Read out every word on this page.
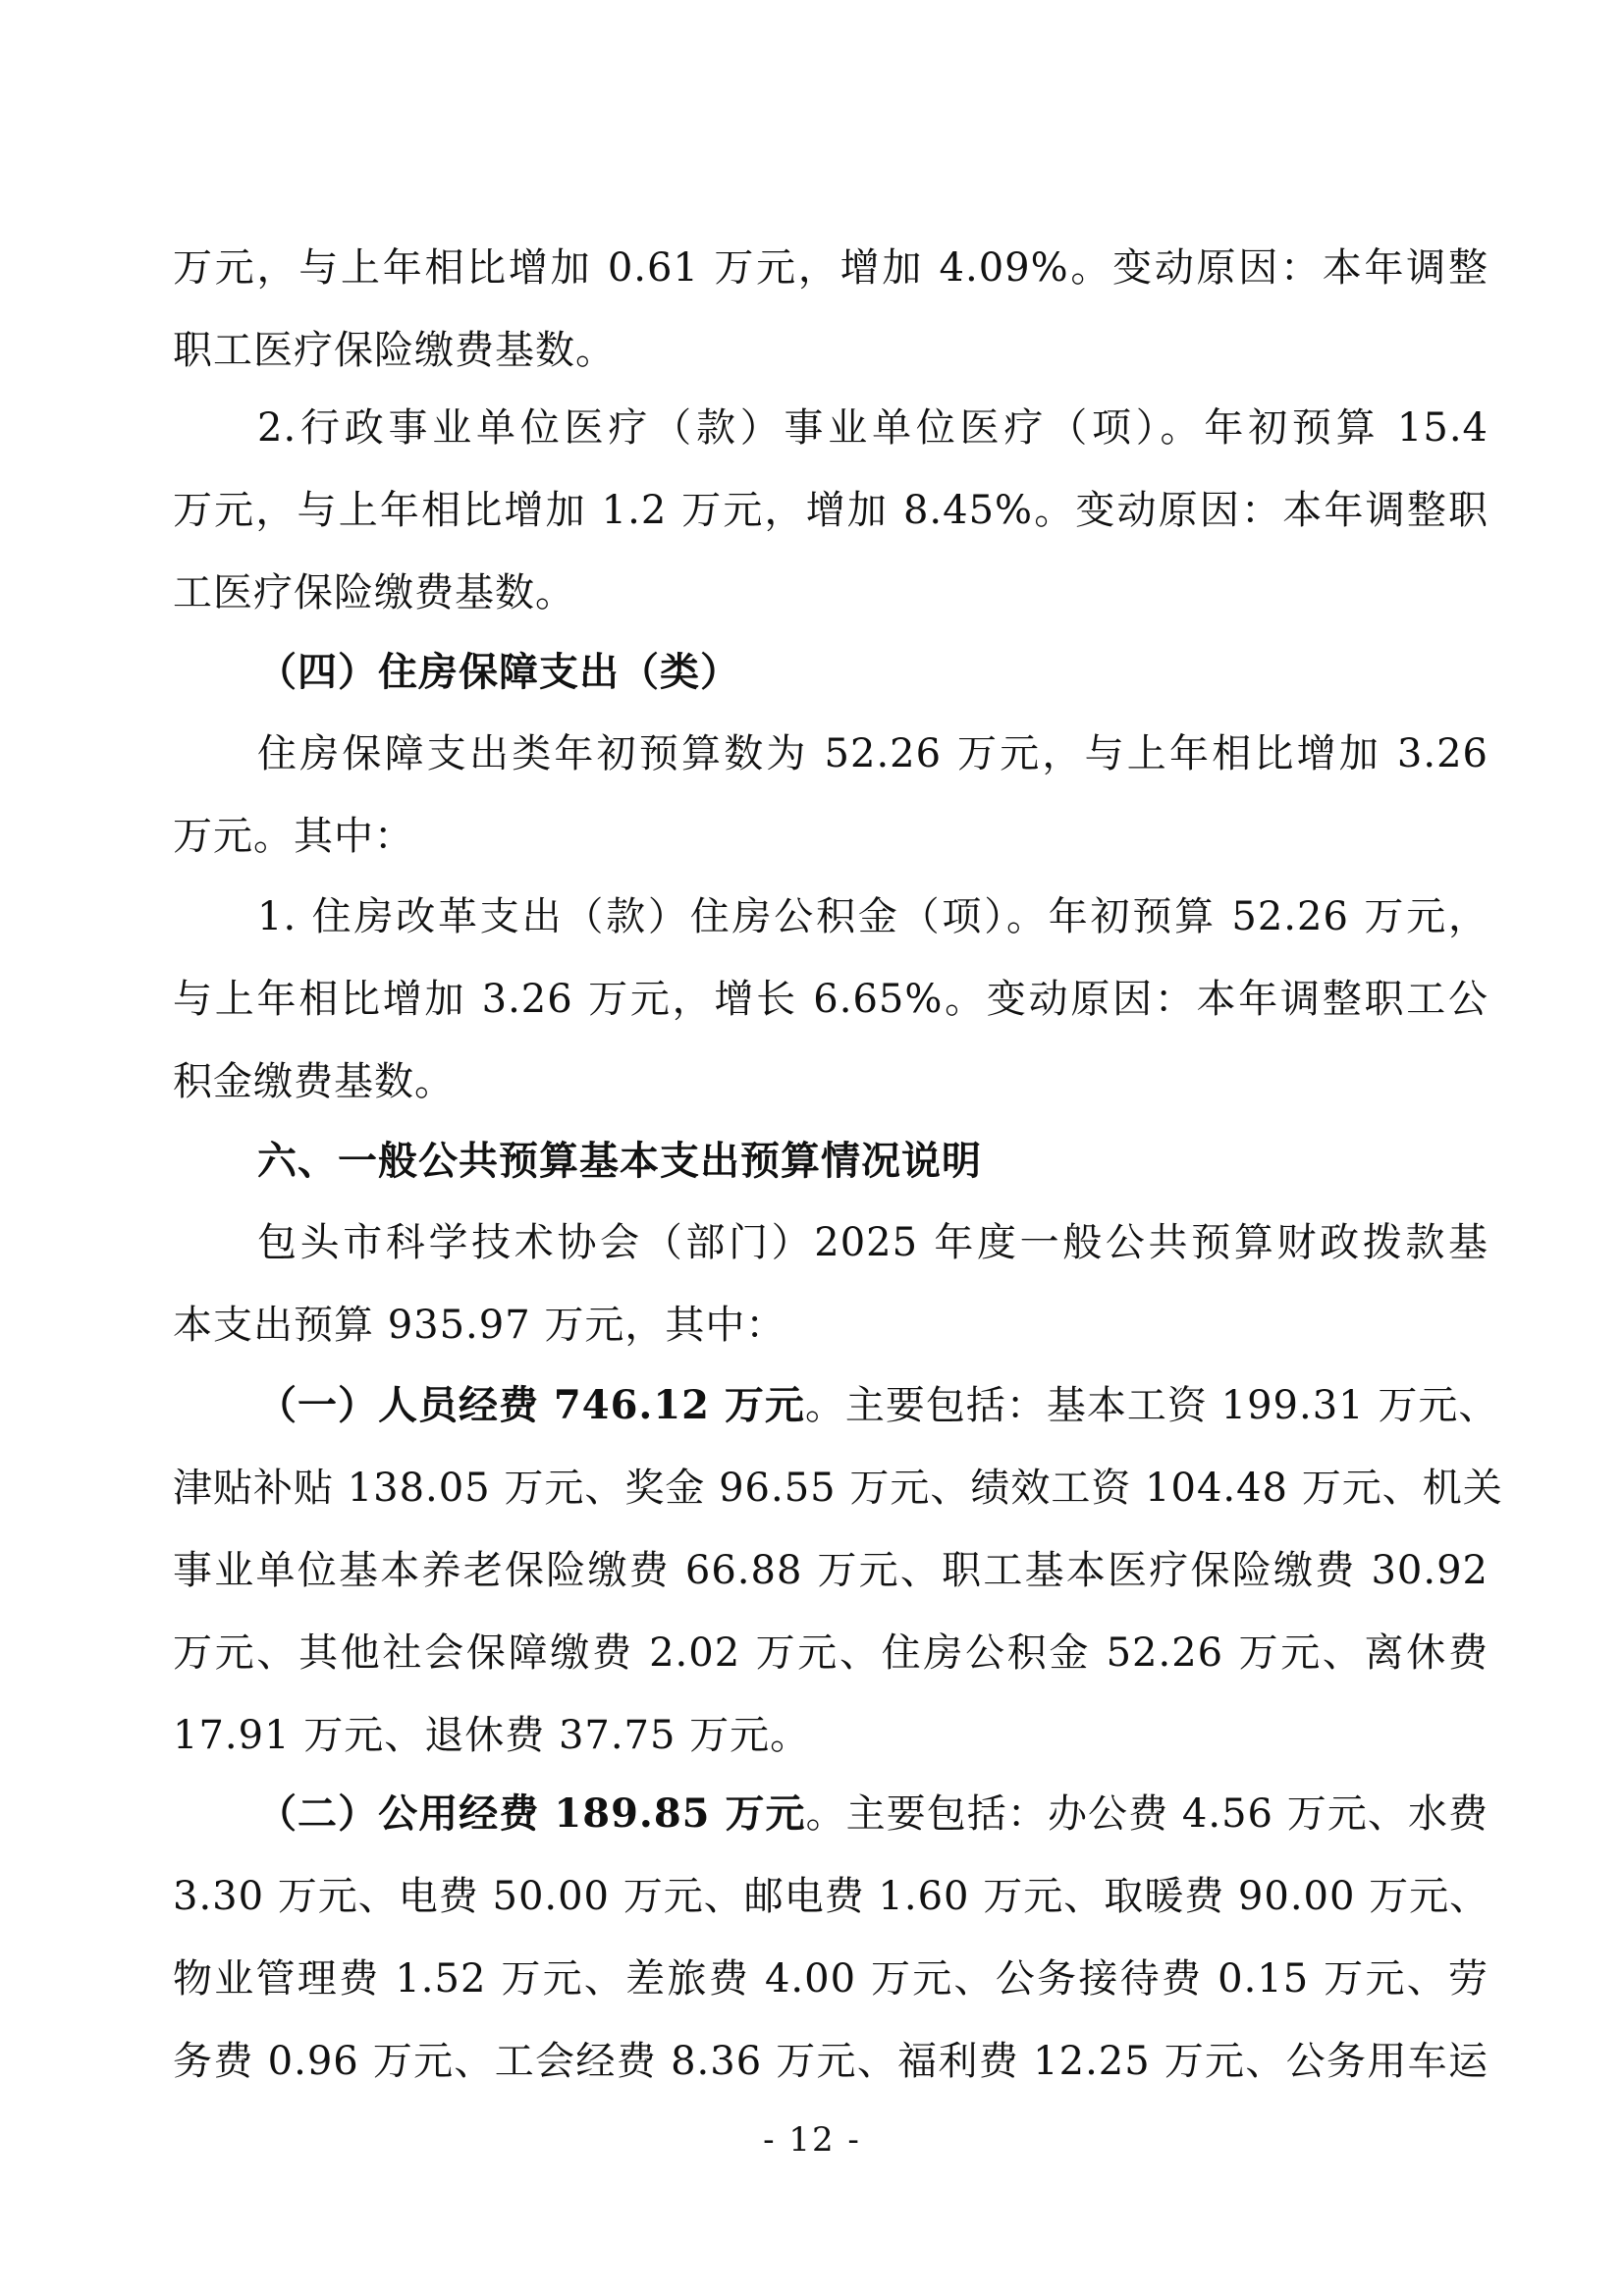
万元，与上年相比增加 0.61 万元，增加 4.09%。变动原因：本年调整
职工医疗保险缴费基数。
2.行政事业单位医疗（款）事业单位医疗（项）。年初预算 15.4
万元，与上年相比增加 1.2 万元，增加 8.45%。变动原因：本年调整职
工医疗保险缴费基数。
（四）住房保障支出（类）
住房保障支出类年初预算数为 52.26 万元，与上年相比增加 3.26
万元。其中：
1. 住房改革支出（款）住房公积金（项）。年初预算 52.26 万元，
与上年相比增加 3.26 万元，增长 6.65%。变动原因：本年调整职工公
积金缴费基数。
六、一般公共预算基本支出预算情况说明
包头市科学技术协会（部门）2025 年度一般公共预算财政拨款基
本支出预算 935.97 万元，其中：
（一）人员经费 746.12 万元。主要包括：基本工资 199.31 万元、
津贴补贴 138.05 万元、奖金 96.55 万元、绩效工资 104.48 万元、机关
事业单位基本养老保险缴费 66.88 万元、职工基本医疗保险缴费 30.92
万元、其他社会保障缴费 2.02 万元、住房公积金 52.26 万元、离休费
17.91 万元、退休费 37.75 万元。
（二）公用经费 189.85 万元。主要包括：办公费 4.56 万元、水费
3.30 万元、电费 50.00 万元、邮电费 1.60 万元、取暖费 90.00 万元、
物业管理费 1.52 万元、差旅费 4.00 万元、公务接待费 0.15 万元、劳
务费 0.96 万元、工会经费 8.36 万元、福利费 12.25 万元、公务用车运
- 12 -
